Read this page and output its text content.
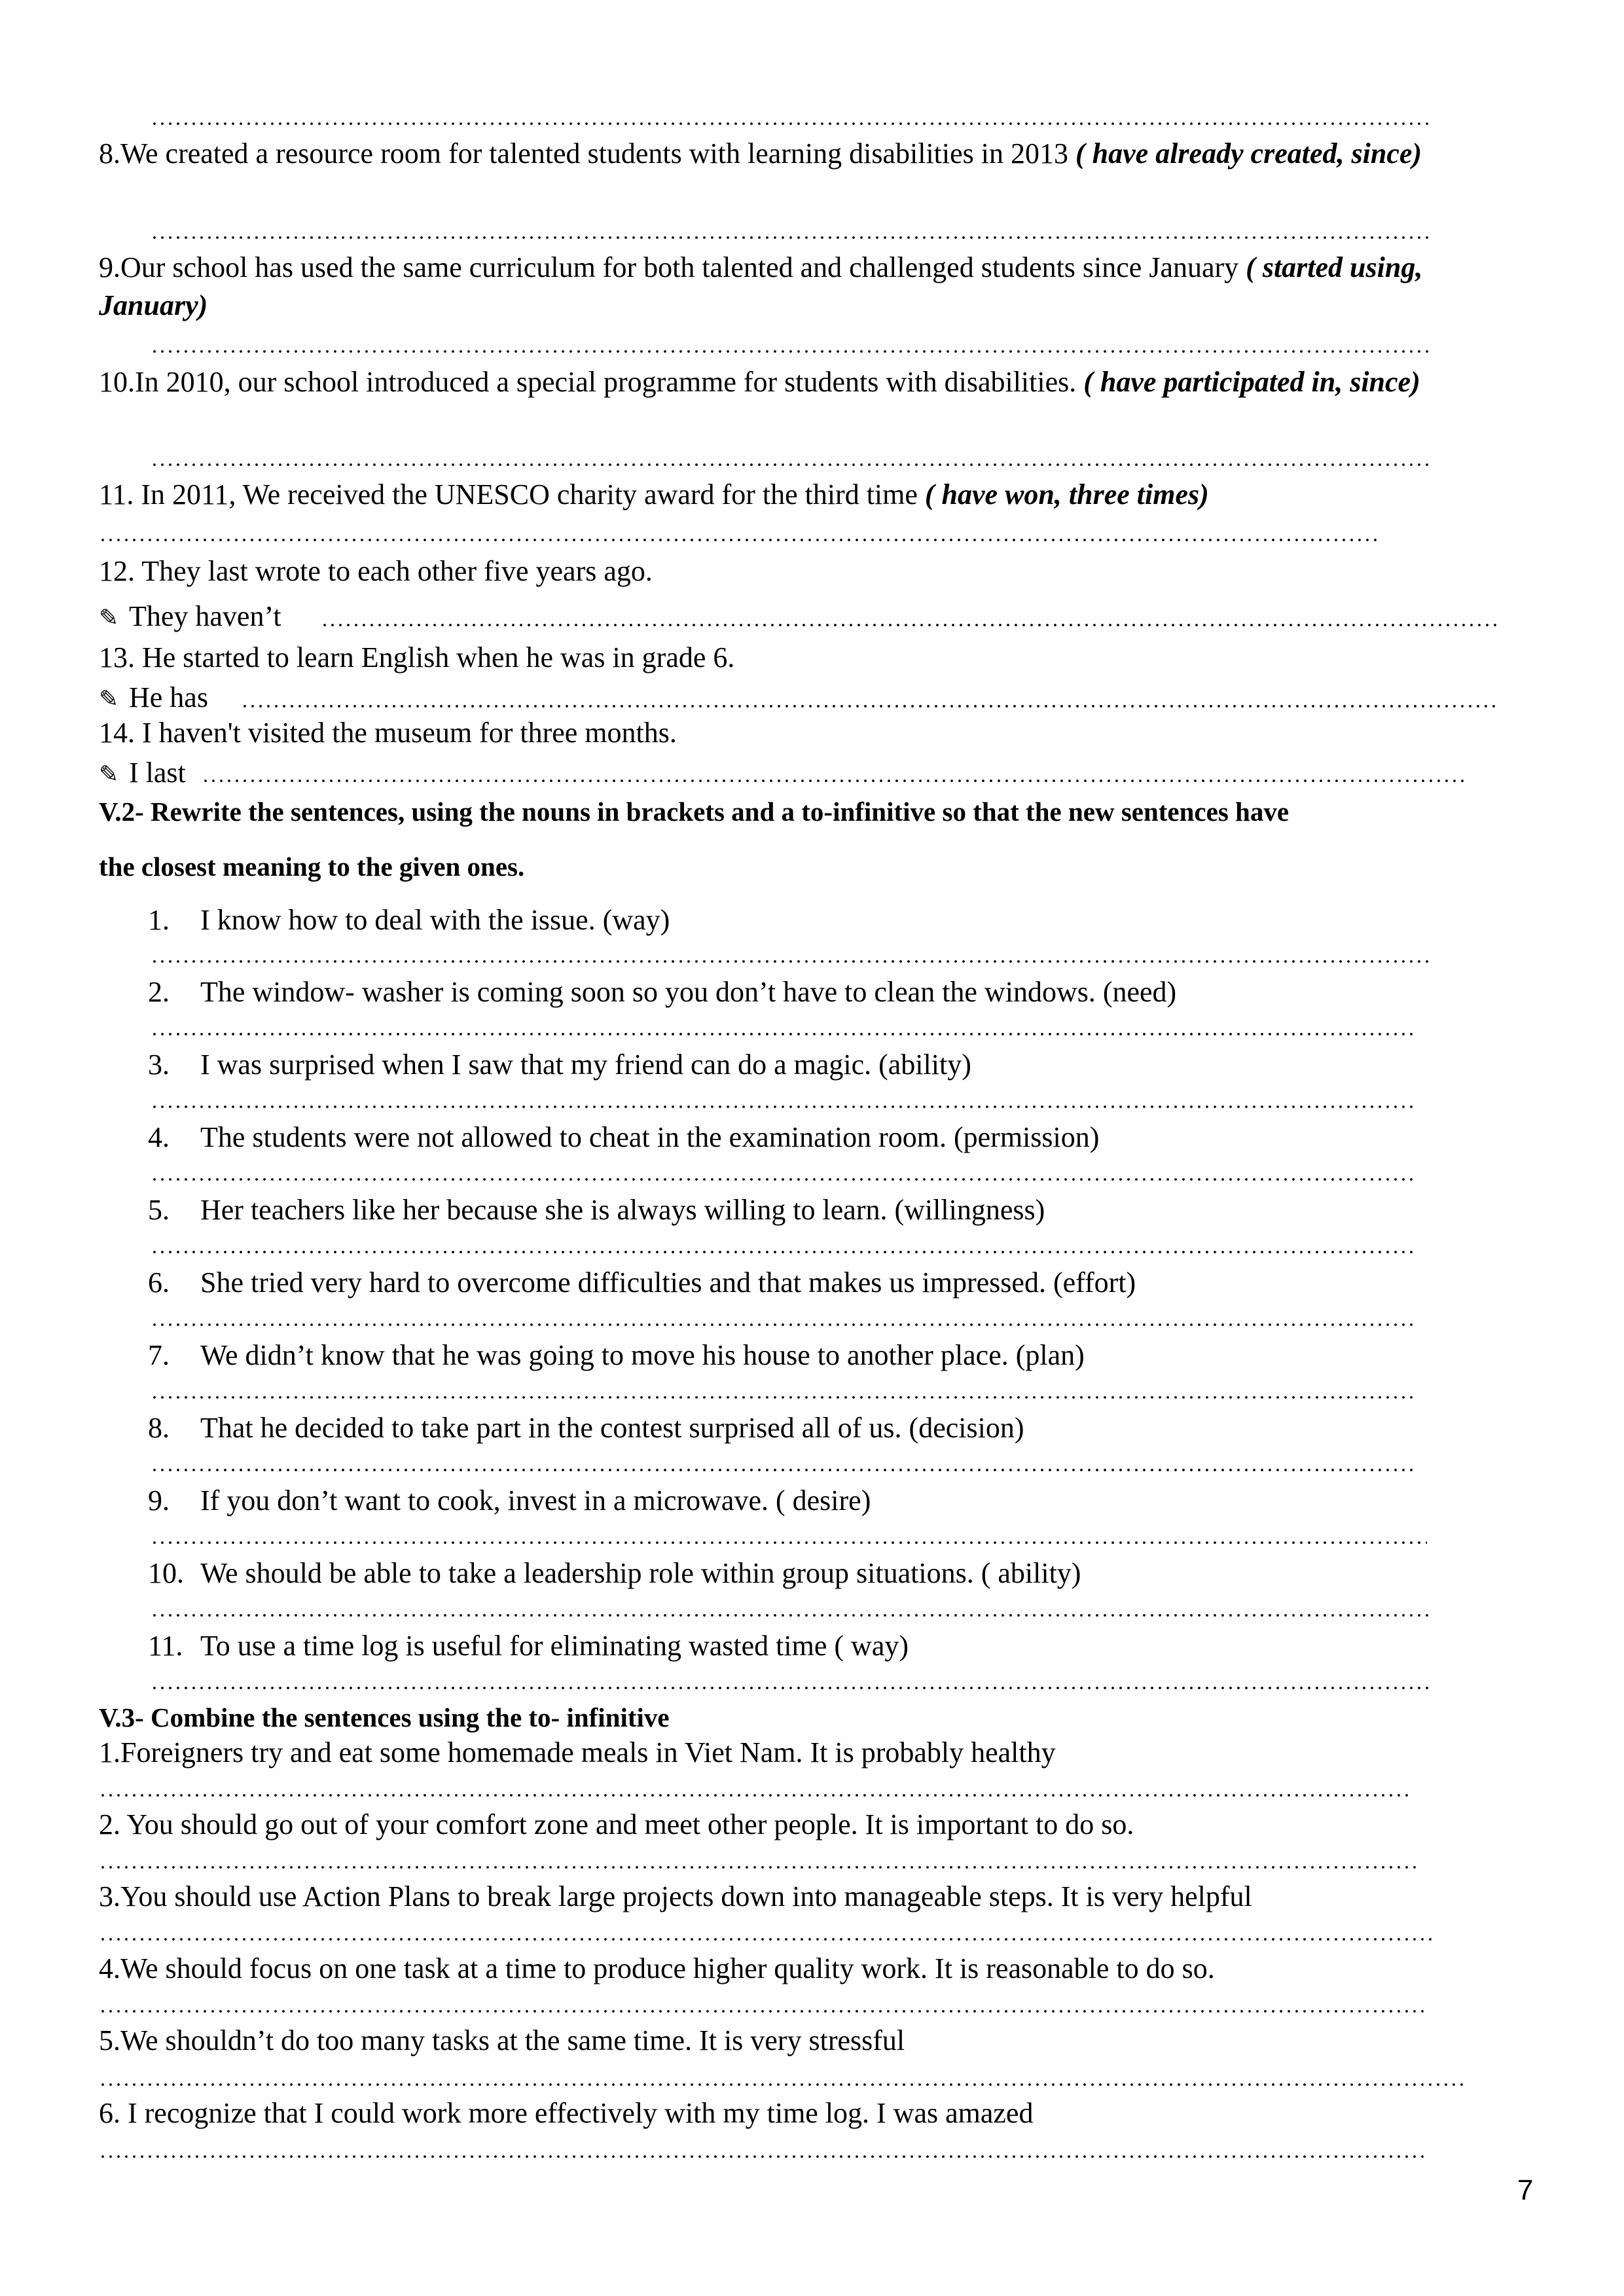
8.We created a resource room for talented students with learning disabilities in 2013 ( have already created, since)
9.Our school has used the same curriculum for both talented and challenged students since January ( started using, January)
10.In 2010, our school introduced a special programme for students with disabilities. ( have participated in, since)
11. In 2011, We received the UNESCO charity award for the third time ( have won, three times)
12. They last wrote to each other five years ago.
✎ They haven’t
13. He started to learn English when he was in grade 6.
✎ He has
14. I haven't visited the museum for three months.
✎ I last
V.2- Rewrite the sentences, using the nouns in brackets and a to-infinitive so that the new sentences have
the closest meaning to the given ones.
1. I know how to deal with the issue. (way)
2. The window- washer is coming soon so you don’t have to clean the windows. (need)
3. I was surprised when I saw that my friend can do a magic. (ability)
4. The students were not allowed to cheat in the examination room. (permission)
5. Her teachers like her because she is always willing to learn. (willingness)
6. She tried very hard to overcome difficulties and that makes us impressed. (effort)
7. We didn’t know that he was going to move his house to another place. (plan)
8. That he decided to take part in the contest surprised all of us. (decision)
9. If you don’t want to cook, invest in a microwave. ( desire)
10. We should be able to take a leadership role within group situations. ( ability)
11. To use a time log is useful for eliminating wasted time ( way)
V.3- Combine the sentences using the to- infinitive
1.Foreigners try and eat some homemade meals in Viet Nam. It is probably healthy
2. You should go out of your comfort zone and meet other people. It is important to do so.
3.You should use Action Plans to break large projects down into manageable steps. It is very helpful
4.We should focus on one task at a time to produce higher quality work. It is reasonable to do so.
5.We shouldn’t do too many tasks at the same time. It is very stressful
6. I recognize that I could work more effectively with my time log. I was amazed
7
